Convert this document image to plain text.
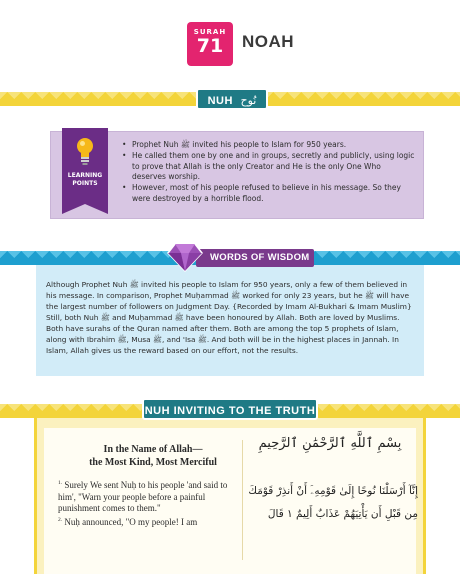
SURAH
71	NOAH
NUH نُوح
LEARNING POINTS
• Prophet Nuh ﷺ invited his people to Islam for 950 years.
• He called them one by one and in groups, secretly and publicly, using logic to prove that Allah is the only Creator and He is the only One Who deserves worship.
• However, most of his people refused to believe in his message. So they were destroyed by a horrible flood.
WORDS OF WISDOM
Although Prophet Nuh ﷺ invited his people to Islam for 950 years, only a few of them believed in his message. In comparison, Prophet Muḥammad ﷺ worked for only 23 years, but he ﷺ will have the largest number of followers on Judgment Day. {Recorded by Imam Al-Bukhari & Imam Muslim} Still, both Nuh ﷺ and Muḥammad ﷺ have been honoured by Allah. Both are loved by Muslims. Both have surahs of the Quran named after them. Both are among the top 5 prophets of Islam, along with Ibrahim ﷺ, Musa ﷺ, and 'Isa ﷺ. And both will be in the highest places in Jannah. In Islam, Allah gives us the reward based on our effort, not the results.
NUH INVITING TO THE TRUTH
In the Name of Allah—
the Most Kind, Most Merciful
$^{1.}$ Surely We sent Nuḥ to his people 'and said to him', "Warn your people before a painful punishment comes to them."
$^{2.}$ Nuḥ announced, "O my people! I am
بِسْمِ ٱللَّهِ ٱلرَّحْمَٰنِ ٱلرَّحِيمِ
إِنَّآ أَرْسَلْنَا نُوحًا إِلَىٰ قَوْمِهِۦٓ أَنْ أَنذِرْ قَوْمَكَ
مِن قَبْلِ أَن يَأْتِيَهُمْ عَذَابٌ أَلِيمٌ ١ قَالَ
